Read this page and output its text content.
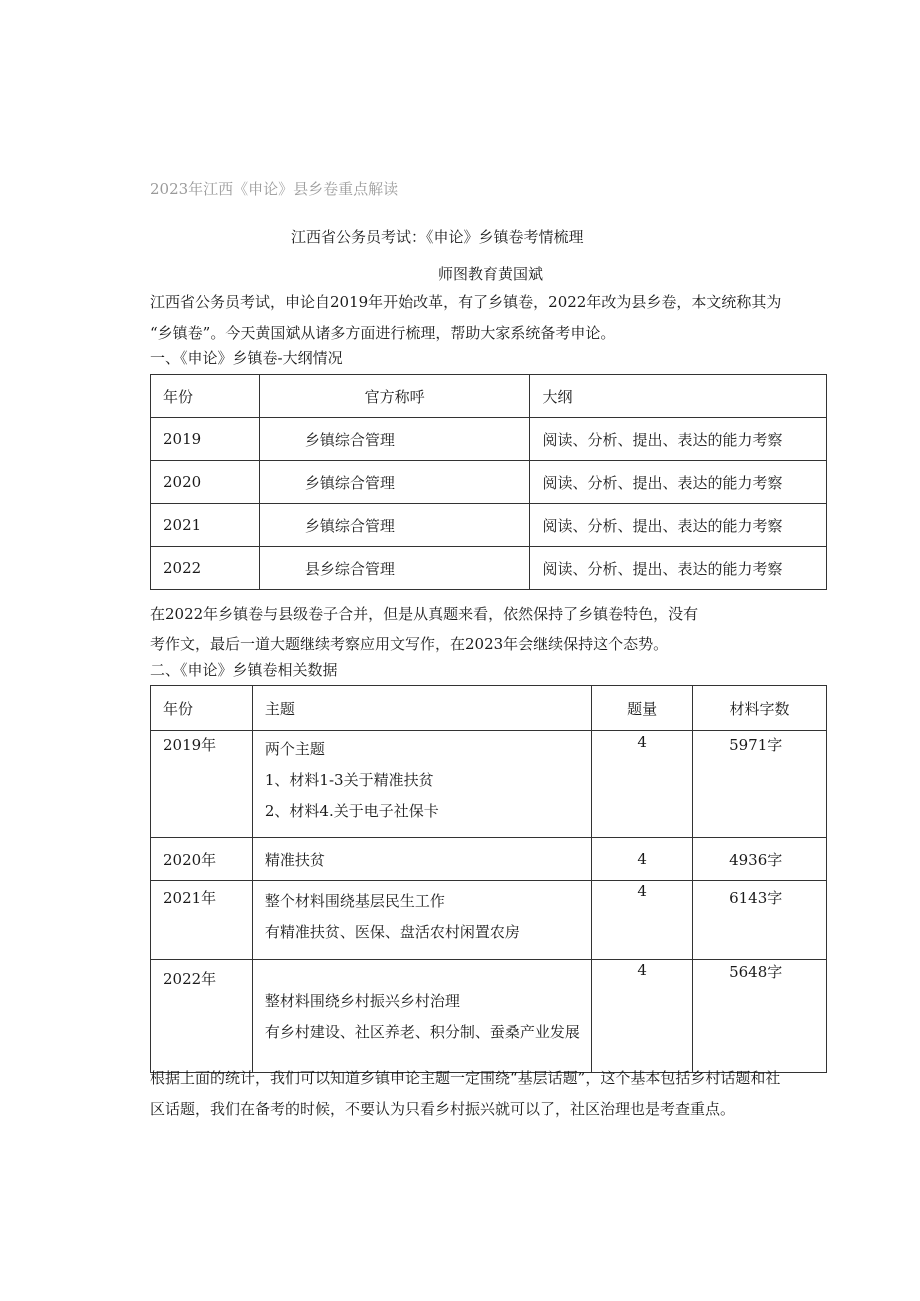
2023年江西《申论》县乡卷重点解读
江西省公务员考试：《申论》乡镇卷考情梳理
师图教育黄国斌
江西省公务员考试，申论自2019年开始改革，有了乡镇卷，2022年改为县乡卷，本文统称其为
“乡镇卷”。今天黄国斌从诸多方面进行梳理，帮助大家系统备考申论。
一、《申论》乡镇卷-大纲情况
年份	官方称呼	大纲
2019	乡镇综合管理	阅读、分析、提出、表达的能力考察
2020	乡镇综合管理	阅读、分析、提出、表达的能力考察
2021	乡镇综合管理	阅读、分析、提出、表达的能力考察
2022	县乡综合管理	阅读、分析、提出、表达的能力考察
在2022年乡镇卷与县级卷子合并，但是从真题来看，依然保持了乡镇卷特色，没有
考作文，最后一道大题继续考察应用文写作，在2023年会继续保持这个态势。
二、《申论》乡镇卷相关数据
年份	主题	题量	材料字数
2019年	两个主题
1、材料1-3关于精准扶贫
2、材料4.关于电子社保卡	4	5971字
2020年	精准扶贫	4	4936字
2021年	整个材料围绕基层民生工作
有精准扶贫、医保、盘活农村闲置农房	4	6143字
2022年	整材料围绕乡村振兴乡村治理
有乡村建设、社区养老、积分制、蚕桑产业发展	4	5648字
根据上面的统计，我们可以知道乡镇申论主题一定围绕“基层话题”，这个基本包括乡村话题和社
区话题，我们在备考的时候，不要认为只看乡村振兴就可以了，社区治理也是考查重点。
